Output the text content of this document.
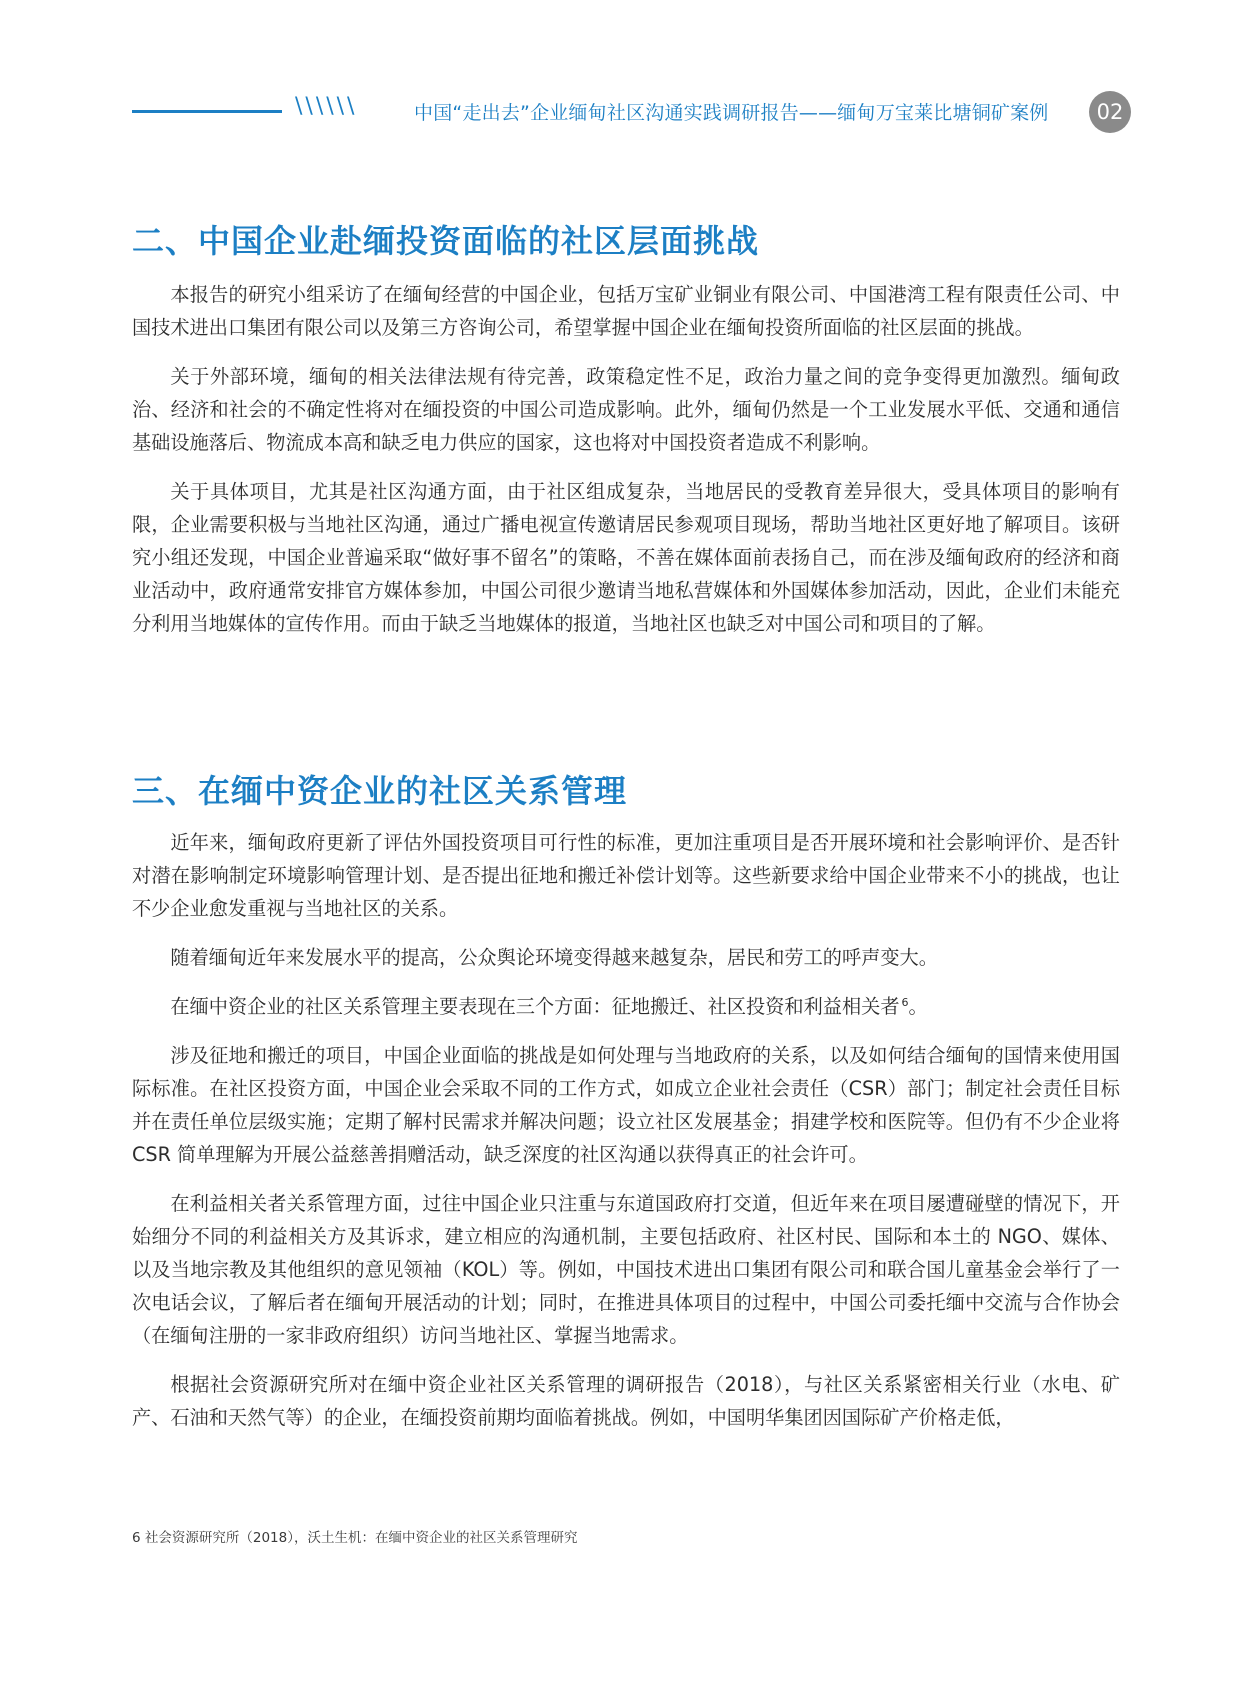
\\\\\\	中国“走出去”企业缅甸社区沟通实践调研报告——缅甸万宝莱比塘铜矿案例	02
二、中国企业赴缅投资面临的社区层面挑战

本报告的研究小组采访了在缅甸经营的中国企业，包括万宝矿业铜业有限公司、中国港湾工程有限责任公司、中国技术进出口集团有限公司以及第三方咨询公司，希望掌握中国企业在缅甸投资所面临的社区层面的挑战。

关于外部环境，缅甸的相关法律法规有待完善，政策稳定性不足，政治力量之间的竞争变得更加激烈。缅甸政治、经济和社会的不确定性将对在缅投资的中国公司造成影响。此外，缅甸仍然是一个工业发展水平低、交通和通信基础设施落后、物流成本高和缺乏电力供应的国家，这也将对中国投资者造成不利影响。

关于具体项目，尤其是社区沟通方面，由于社区组成复杂，当地居民的受教育差异很大，受具体项目的影响有限，企业需要积极与当地社区沟通，通过广播电视宣传邀请居民参观项目现场，帮助当地社区更好地了解项目。该研究小组还发现，中国企业普遍采取“做好事不留名”的策略，不善在媒体面前表扬自己，而在涉及缅甸政府的经济和商业活动中，政府通常安排官方媒体参加，中国公司很少邀请当地私营媒体和外国媒体参加活动，因此，企业们未能充分利用当地媒体的宣传作用。而由于缺乏当地媒体的报道，当地社区也缺乏对中国公司和项目的了解。

三、在缅中资企业的社区关系管理

近年来，缅甸政府更新了评估外国投资项目可行性的标准，更加注重项目是否开展环境和社会影响评价、是否针对潜在影响制定环境影响管理计划、是否提出征地和搬迁补偿计划等。这些新要求给中国企业带来不小的挑战，也让不少企业愈发重视与当地社区的关系。

随着缅甸近年来发展水平的提高，公众舆论环境变得越来越复杂，居民和劳工的呼声变大。

在缅中资企业的社区关系管理主要表现在三个方面：征地搬迁、社区投资和利益相关者 $^6$。

涉及征地和搬迁的项目，中国企业面临的挑战是如何处理与当地政府的关系，以及如何结合缅甸的国情来使用国际标准。在社区投资方面，中国企业会采取不同的工作方式，如成立企业社会责任（CSR）部门；制定社会责任目标并在责任单位层级实施；定期了解村民需求并解决问题；设立社区发展基金；捐建学校和医院等。但仍有不少企业将 CSR 简单理解为开展公益慈善捐赠活动，缺乏深度的社区沟通以获得真正的社会许可。

在利益相关者关系管理方面，过往中国企业只注重与东道国政府打交道，但近年来在项目屡遭碰壁的情况下，开始细分不同的利益相关方及其诉求，建立相应的沟通机制，主要包括政府、社区村民、国际和本土的 NGO、媒体、以及当地宗教及其他组织的意见领袖（KOL）等。例如，中国技术进出口集团有限公司和联合国儿童基金会举行了一次电话会议，了解后者在缅甸开展活动的计划；同时，在推进具体项目的过程中，中国公司委托缅中交流与合作协会（在缅甸注册的一家非政府组织）访问当地社区、掌握当地需求。

根据社会资源研究所对在缅中资企业社区关系管理的调研报告（2018），与社区关系紧密相关行业（水电、矿产、石油和天然气等）的企业，在缅投资前期均面临着挑战。例如，中国明华集团因国际矿产价格走低，

6 社会资源研究所（2018），沃土生机：在缅中资企业的社区关系管理研究
